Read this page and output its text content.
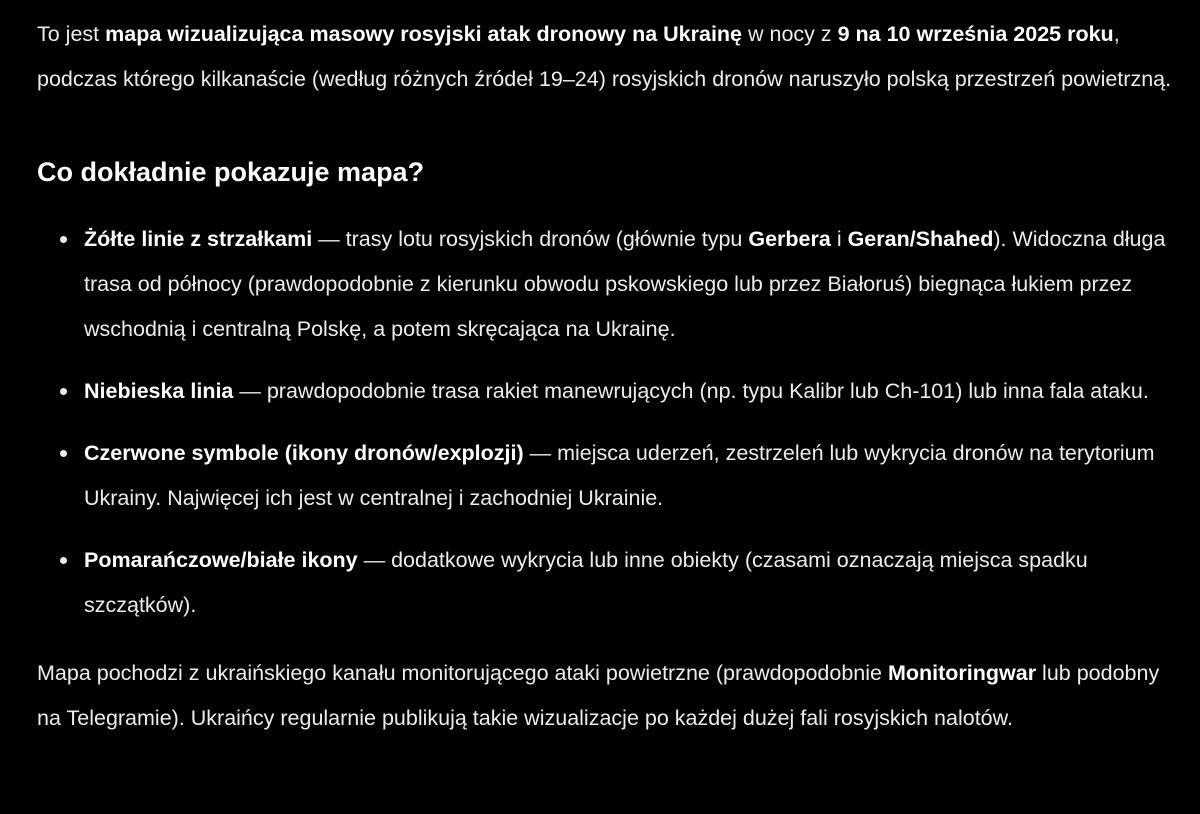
To jest mapa wizualizująca masowy rosyjski atak dronowy na Ukrainę w nocy z 9 na 10 września 2025 roku, podczas którego kilkanaście (według różnych źródeł 19–24) rosyjskich dronów naruszyło polską przestrzeń powietrzną.

Co dokładnie pokazuje mapa?
Żółte linie z strzałkami — trasy lotu rosyjskich dronów (głównie typu Gerbera i Geran/Shahed). Widoczna długa trasa od północy (prawdopodobnie z kierunku obwodu pskowskiego lub przez Białoruś) biegnąca łukiem przez wschodnią i centralną Polskę, a potem skręcająca na Ukrainę.
Niebieska linia — prawdopodobnie trasa rakiet manewrujących (np. typu Kalibr lub Ch-101) lub inna fala ataku.
Czerwone symbole (ikony dronów/explozji) — miejsca uderzeń, zestrzeleń lub wykrycia dronów na terytorium Ukrainy. Najwięcej ich jest w centralnej i zachodniej Ukrainie.
Pomarańczowe/białe ikony — dodatkowe wykrycia lub inne obiekty (czasami oznaczają miejsca spadku szczątków).

Mapa pochodzi z ukraińskiego kanału monitorującego ataki powietrzne (prawdopodobnie Monitoringwar lub podobny na Telegramie). Ukraińcy regularnie publikują takie wizualizacje po każdej dużej fali rosyjskich nalotów.
